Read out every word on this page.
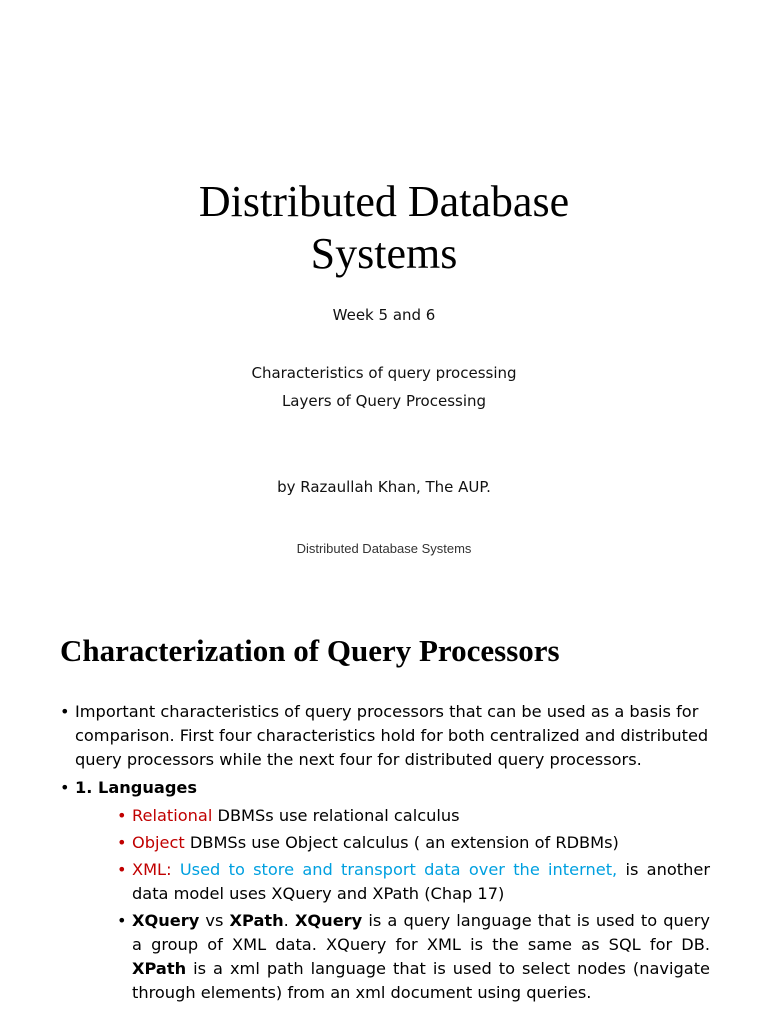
Distributed Database
Systems
Week 5 and 6
Characteristics of query processing
Layers of Query Processing
by Razaullah Khan, The AUP.
Distributed Database Systems
Characterization of Query Processors
• Important characteristics of query processors that can be used as a basis for comparison. First four characteristics hold for both centralized and distributed query processors while the next four for distributed query processors.
• 1. Languages
• Relational DBMSs use relational calculus
• Object DBMSs use Object calculus ( an extension of RDBMs)
• XML: Used to store and transport data over the internet, is another data model uses XQuery and XPath (Chap 17)
• XQuery vs XPath. XQuery is a query language that is used to query a group of XML data. XQuery for XML is the same as SQL for DB. XPath is a xml path language that is used to select nodes (navigate through elements) from an xml document using queries.
